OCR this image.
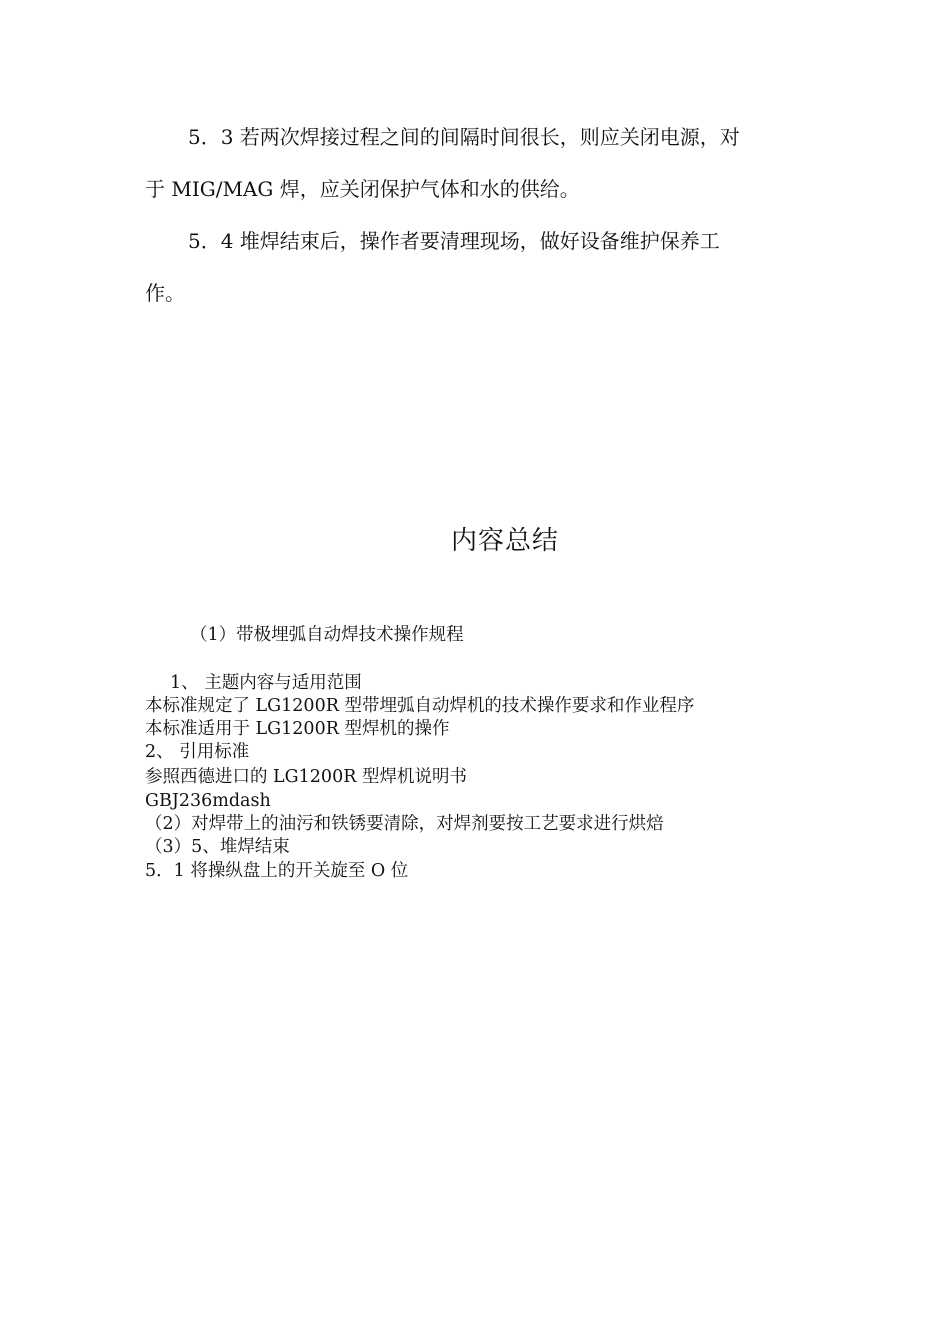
5．3 若两次焊接过程之间的间隔时间很长，则应关闭电源，对
于 MIG/MAG 焊，应关闭保护气体和水的供给。
5．4 堆焊结束后，操作者要清理现场，做好设备维护保养工
作。
内容总结
（1）带极埋弧自动焊技术操作规程
1、 主题内容与适用范围
本标准规定了 LG1200R 型带埋弧自动焊机的技术操作要求和作业程序
本标准适用于 LG1200R 型焊机的操作
2、 引用标准
参照西德进口的 LG1200R 型焊机说明书
GBJ236mdash
（2）对焊带上的油污和铁锈要清除，对焊剂要按工艺要求进行烘焙
（3）5、堆焊结束
5．1 将操纵盘上的开关旋至 O 位
